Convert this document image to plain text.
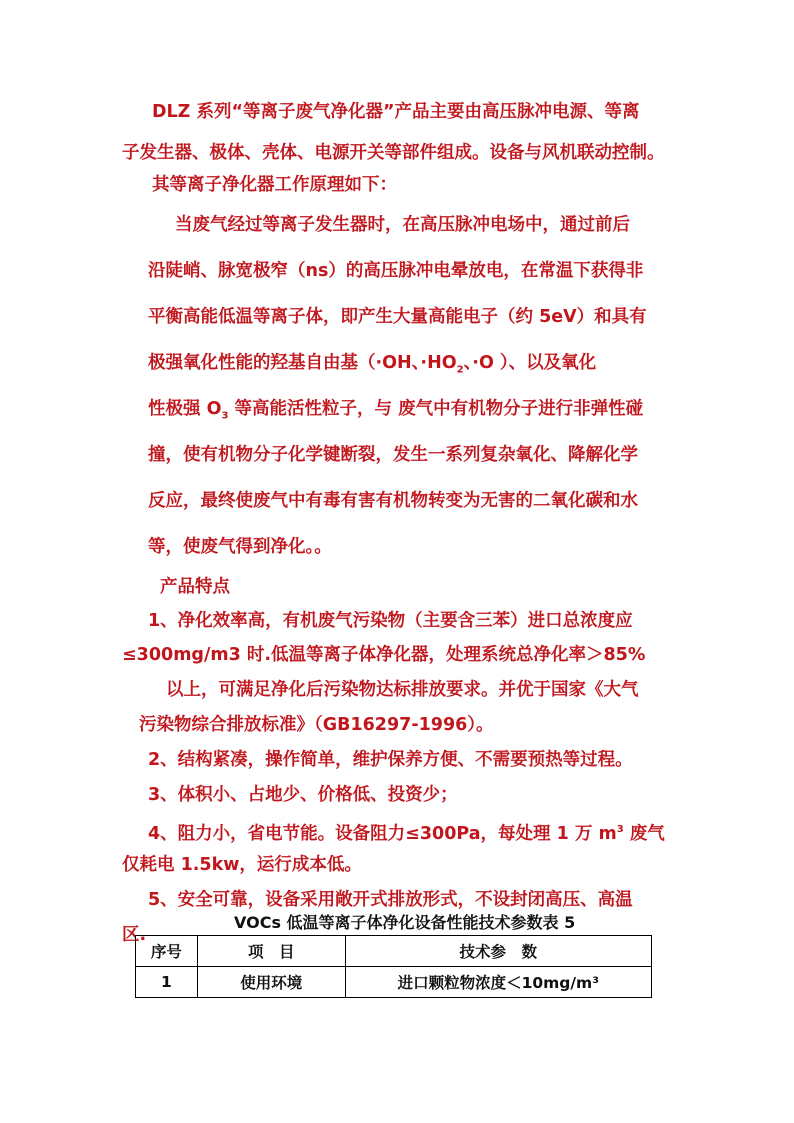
DLZ 系列“等离子废气净化器”产品主要由高压脉冲电源、等离
子发生器、极体、壳体、电源开关等部件组成。设备与风机联动控制。
其等离子净化器工作原理如下：
当废气经过等离子发生器时，在高压脉冲电场中，通过前后
沿陡峭、脉宽极窄（ns）的高压脉冲电晕放电，在常温下获得非
平衡高能低温等离子体，即产生大量高能电子（约 5eV）和具有
极强氧化性能的羟基自由基（·OH、$\cdot HO_2$、·O ）、以及氧化
性极强 $O_3$ 等高能活性粒子，与 废气中有机物分子进行非弹性碰
撞，使有机物分子化学键断裂，发生一系列复杂氧化、降解化学
反应，最终使废气中有毒有害有机物转变为无害的二氧化碳和水
等，使废气得到净化。。
产品特点
1、净化效率高，有机废气污染物（主要含三苯）进口总浓度应
≤300mg/m3 时.低温等离子体净化器，处理系统总净化率＞85%
以上，可满足净化后污染物达标排放要求。并优于国家《大气
污染物综合排放标准》（GB16297-1996）。
2、结构紧凑，操作简单，维护保养方便、不需要预热等过程。
3、体积小、占地少、价格低、投资少；
4、阻力小，省电节能。设备阻力≤300Pa，每处理 1 万 $m^3$ 废气
仅耗电 1.5kw，运行成本低。
5、安全可靠，设备采用敞开式排放形式，不设封闭高压、高温
区.
VOCs 低温等离子体净化设备性能技术参数表 5
序号	项　目	技术参　数
1	使用环境	进口颗粒物浓度＜10mg/m³
